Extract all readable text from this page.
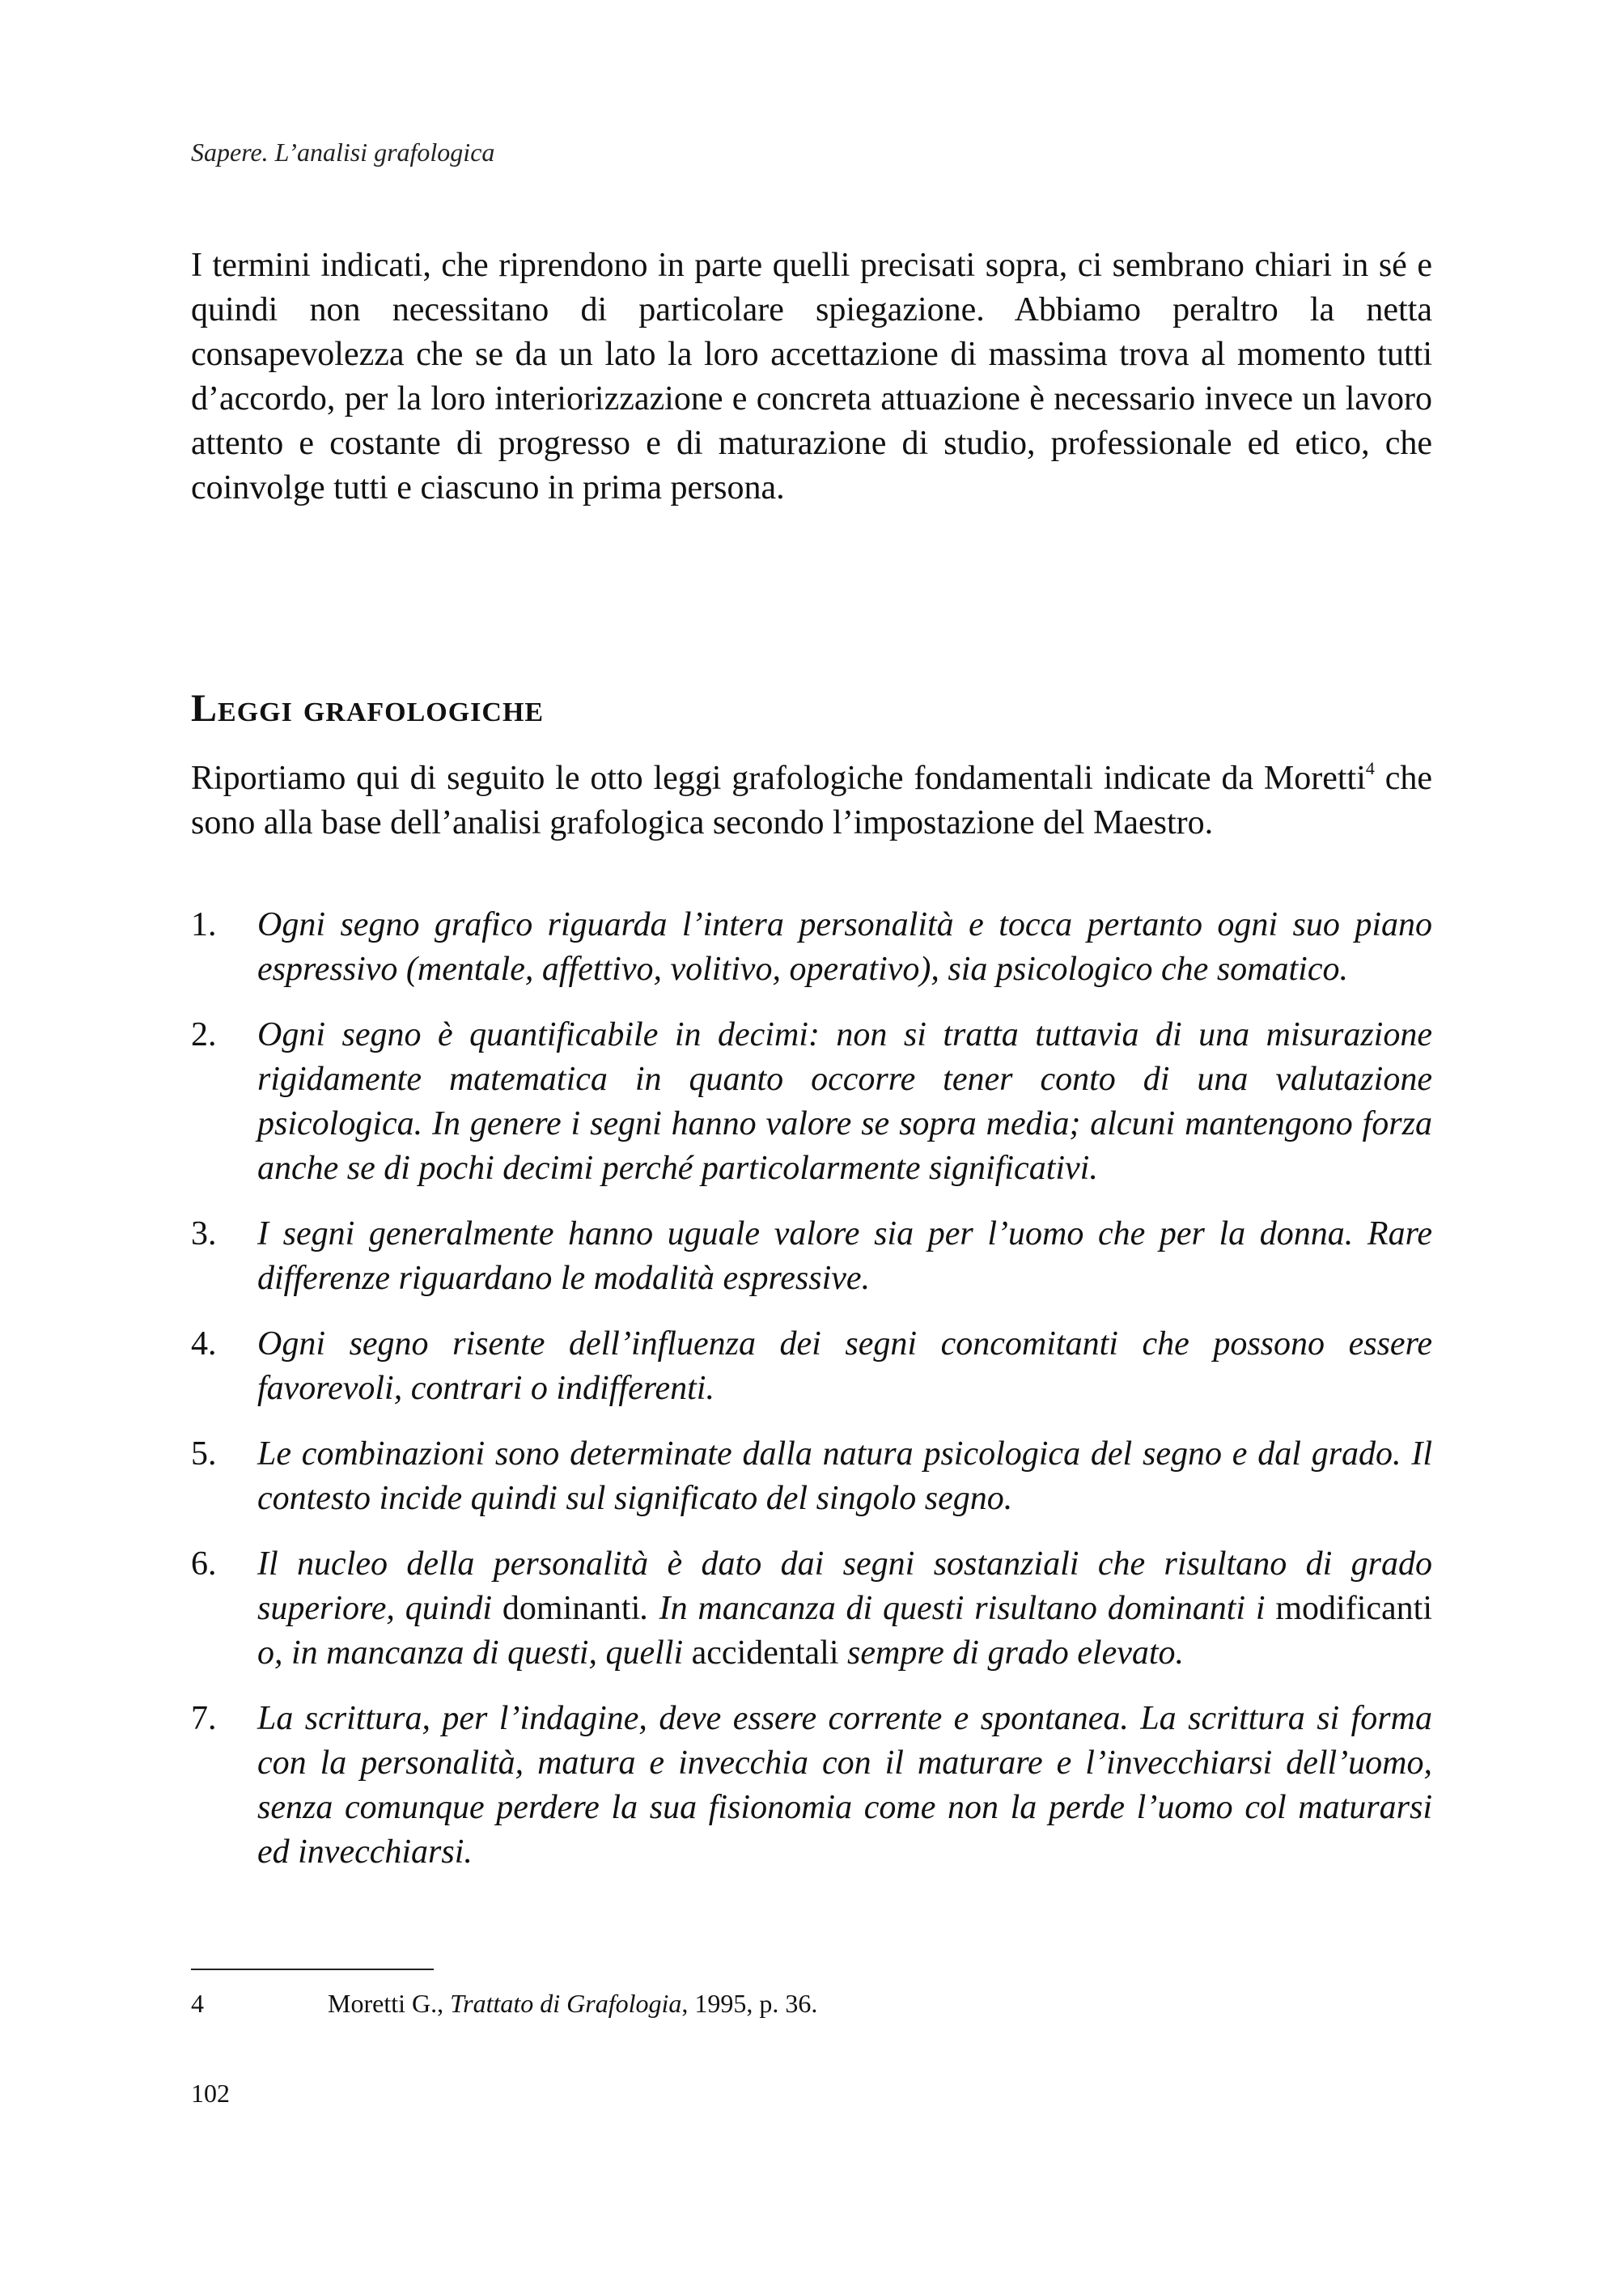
Sapere. L’analisi grafologica

I termini indicati, che riprendono in parte quelli precisati sopra, ci sembrano chiari in sé e quindi non necessitano di particolare spiegazione. Abbiamo peraltro la netta consapevolezza che se da un lato la loro accettazione di massima trova al momento tutti d’accordo, per la loro interiorizzazione e concreta attuazione è necessario invece un lavoro attento e costante di progresso e di maturazione di studio, professionale ed etico, che coinvolge tutti e ciascuno in prima persona.

Leggi grafologiche

Riportiamo qui di seguito le otto leggi grafologiche fondamentali indicate da Moretti$^4$ che sono alla base dell’analisi grafologica secondo l’impostazione del Maestro.

1. Ogni segno grafico riguarda l’intera personalità e tocca pertanto ogni suo piano espressivo (mentale, affettivo, volitivo, operativo), sia psicologico che somatico.
2. Ogni segno è quantificabile in decimi: non si tratta tuttavia di una misurazione rigidamente matematica in quanto occorre tener conto di una valutazione psicologica. In genere i segni hanno valore se sopra media; alcuni mantengono forza anche se di pochi decimi perché particolarmente significativi.
3. I segni generalmente hanno uguale valore sia per l’uomo che per la donna. Rare differenze riguardano le modalità espressive.
4. Ogni segno risente dell’influenza dei segni concomitanti che possono essere favorevoli, contrari o indifferenti.
5. Le combinazioni sono determinate dalla natura psicologica del segno e dal grado. Il contesto incide quindi sul significato del singolo segno.
6. Il nucleo della personalità è dato dai segni sostanziali che risultano di grado superiore, quindi dominanti. In mancanza di questi risultano dominanti i modificanti o, in mancanza di questi, quelli accidentali sempre di grado elevato.
7. La scrittura, per l’indagine, deve essere corrente e spontanea. La scrittura si forma con la personalità, matura e invecchia con il maturare e l’invecchiarsi dell’uomo, senza comunque perdere la sua fisionomia come non la perde l’uomo col maturarsi ed invecchiarsi.
4	Moretti G., Trattato di Grafologia, 1995, p. 36.
102
